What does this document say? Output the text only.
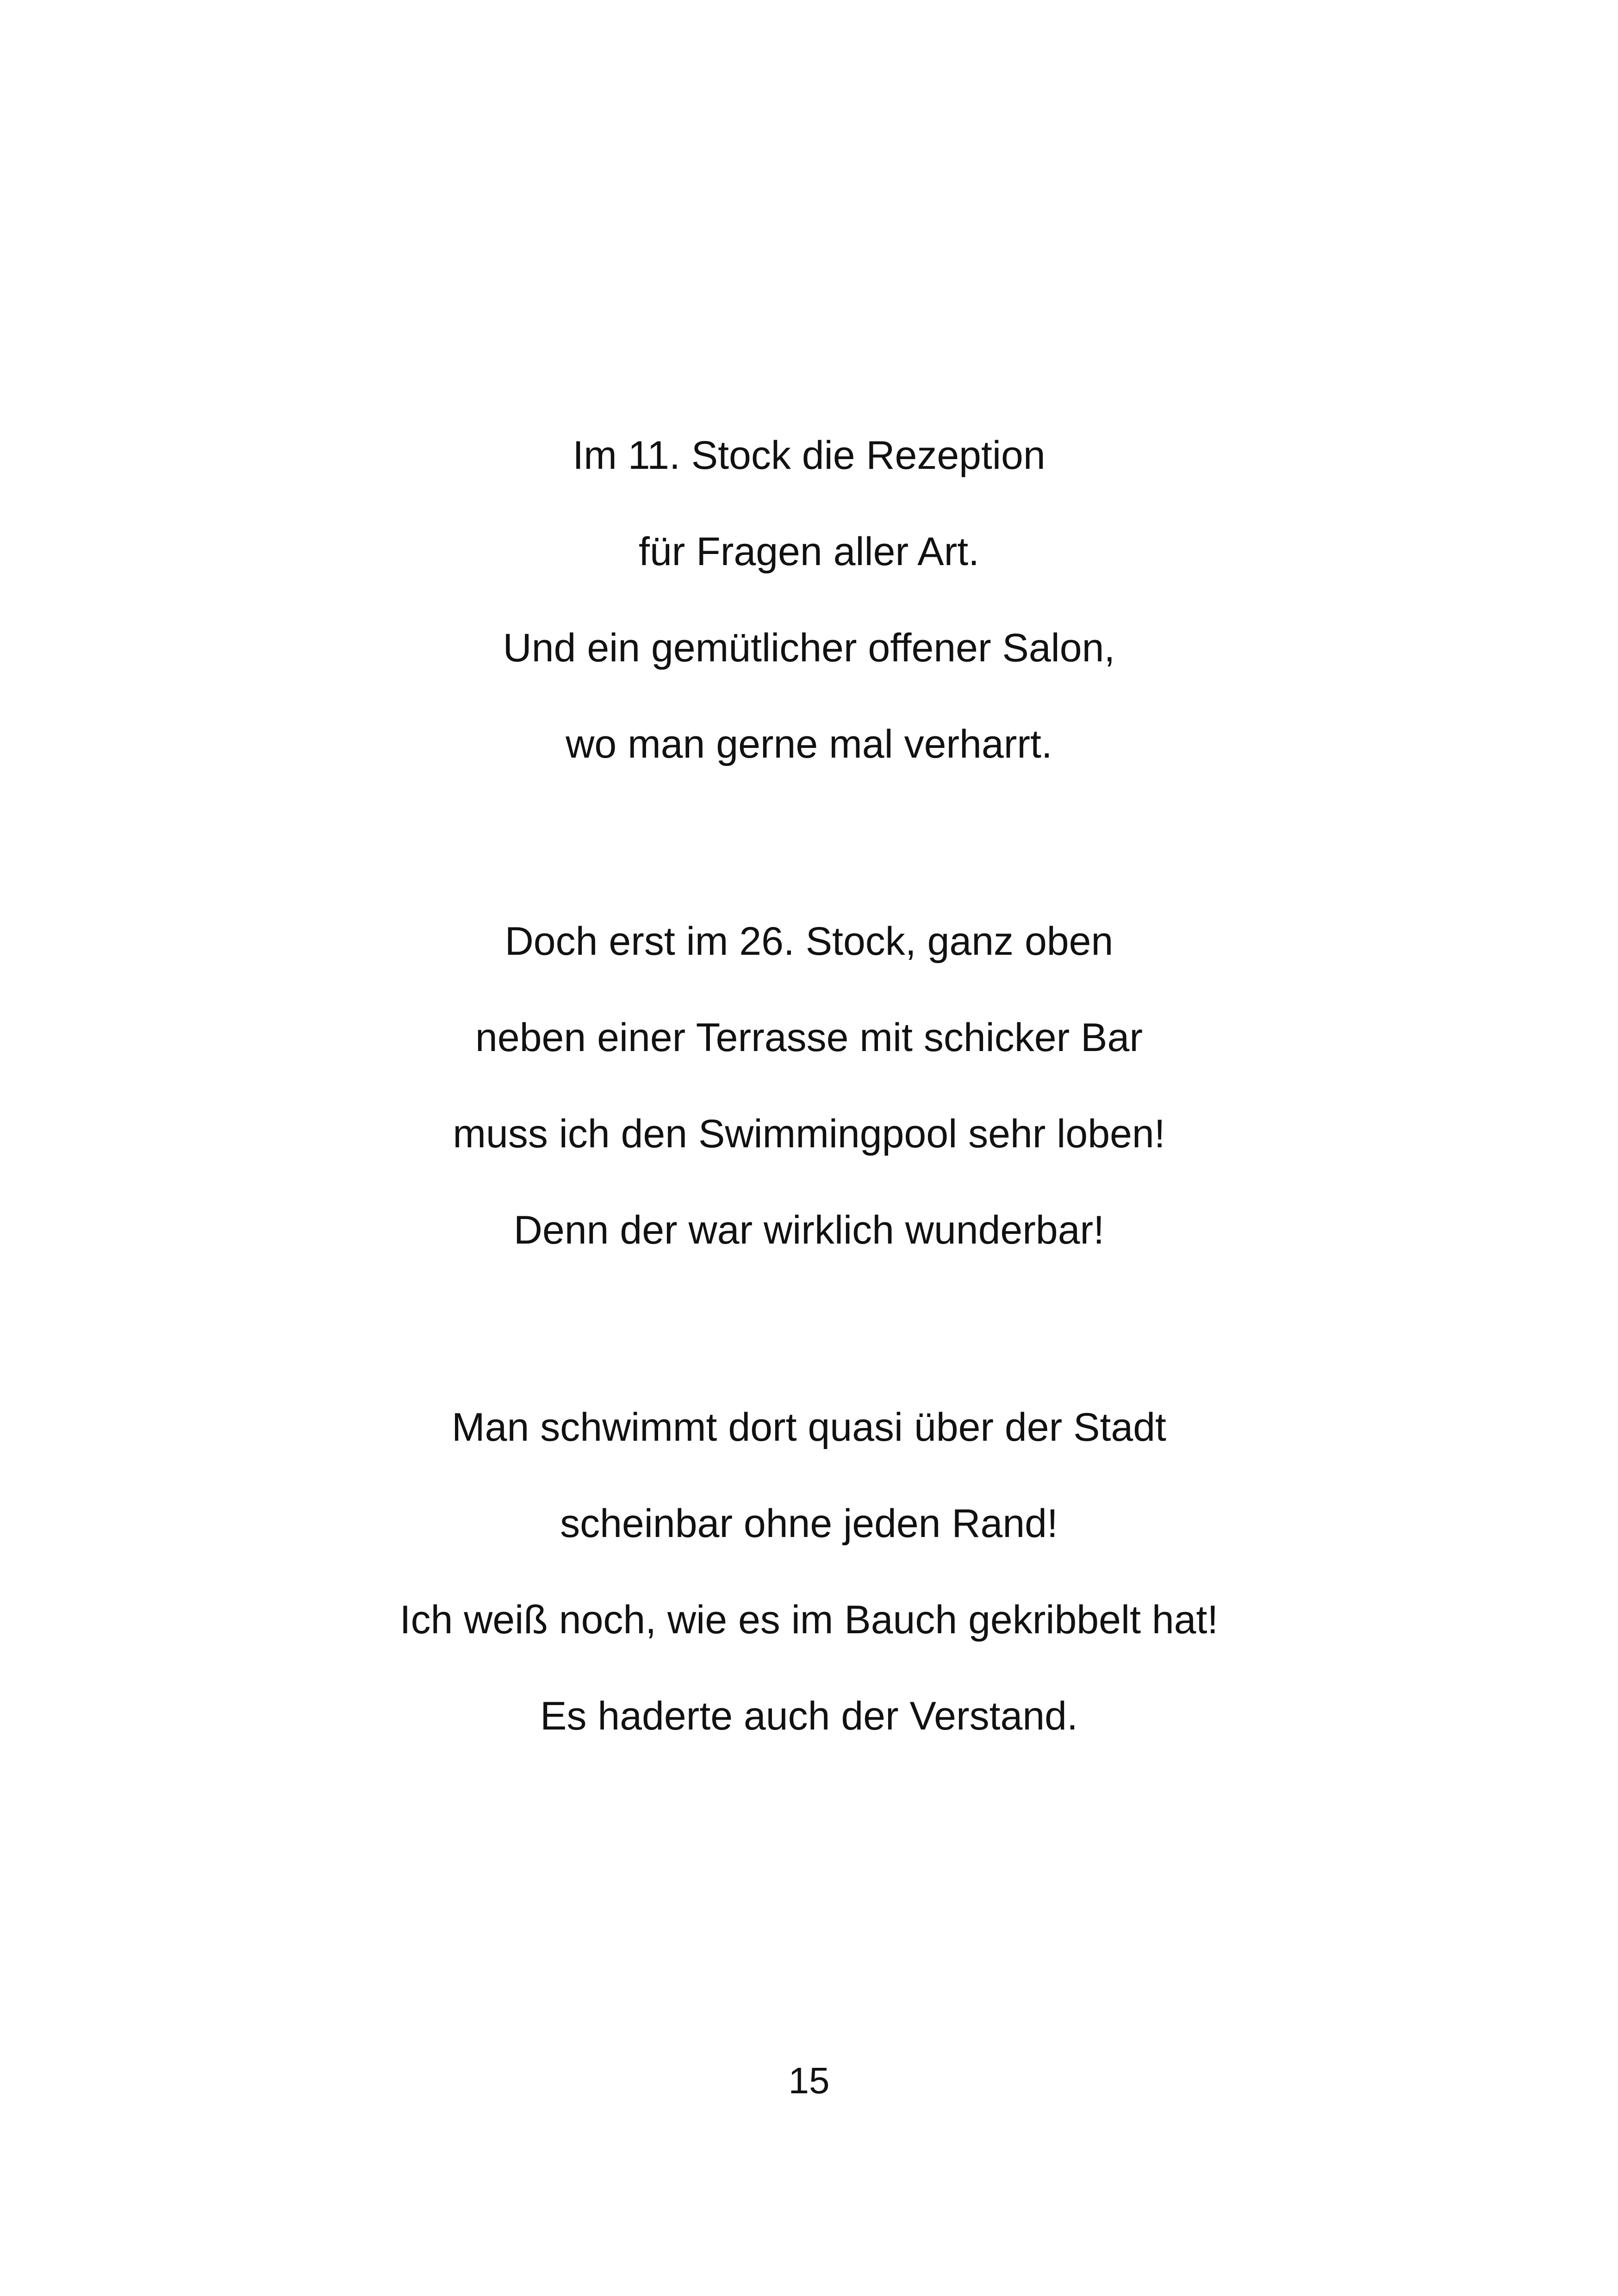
Im 11. Stock die Rezeption
für Fragen aller Art.
Und ein gemütlicher offener Salon,
wo man gerne mal verharrt.
Doch erst im 26. Stock, ganz oben
neben einer Terrasse mit schicker Bar
muss ich den Swimmingpool sehr loben!
Denn der war wirklich wunderbar!
Man schwimmt dort quasi über der Stadt
scheinbar ohne jeden Rand!
Ich weiß noch, wie es im Bauch gekribbelt hat!
Es haderte auch der Verstand.
15
